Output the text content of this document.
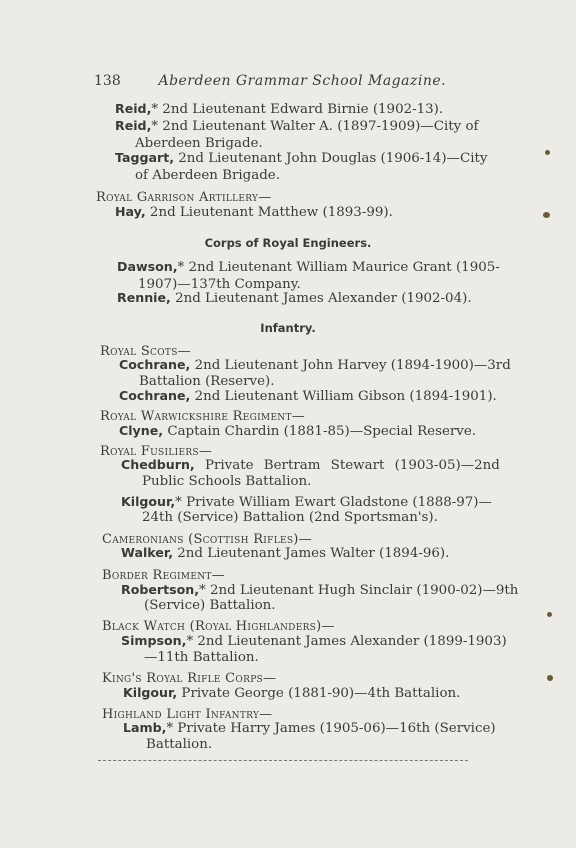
138	Aberdeen Grammar School Magazine.
Reid,* 2nd Lieutenant Edward Birnie (1902-13).
Reid,* 2nd Lieutenant Walter A. (1897-1909)—City of
Aberdeen Brigade.
Taggart, 2nd Lieutenant John Douglas (1906-14)—City
of Aberdeen Brigade.
Royal Garrison Artillery—
Hay, 2nd Lieutenant Matthew (1893-99).
Corps of Royal Engineers.
Dawson,* 2nd Lieutenant William Maurice Grant (1905-
1907)—137th Company.
Rennie, 2nd Lieutenant James Alexander (1902-04).
Infantry.
Royal Scots—
Cochrane, 2nd Lieutenant John Harvey (1894-1900)—3rd
Battalion (Reserve).
Cochrane, 2nd Lieutenant William Gibson (1894-1901).
Royal Warwickshire Regiment—
Clyne, Captain Chardin (1881-85)—Special Reserve.
Royal Fusiliers—
Chedburn, Private Bertram Stewart (1903-05)—2nd
Public Schools Battalion.
Kilgour,* Private William Ewart Gladstone (1888-97)—
24th (Service) Battalion (2nd Sportsman's).
Cameronians (Scottish Rifles)—
Walker, 2nd Lieutenant James Walter (1894-96).
Border Regiment—
Robertson,* 2nd Lieutenant Hugh Sinclair (1900-02)—9th
(Service) Battalion.
Black Watch (Royal Highlanders)—
Simpson,* 2nd Lieutenant James Alexander (1899-1903)
—11th Battalion.
King's Royal Rifle Corps—
Kilgour, Private George (1881-90)—4th Battalion.
Highland Light Infantry—
Lamb,* Private Harry James (1905-06)—16th (Service)
Battalion.
